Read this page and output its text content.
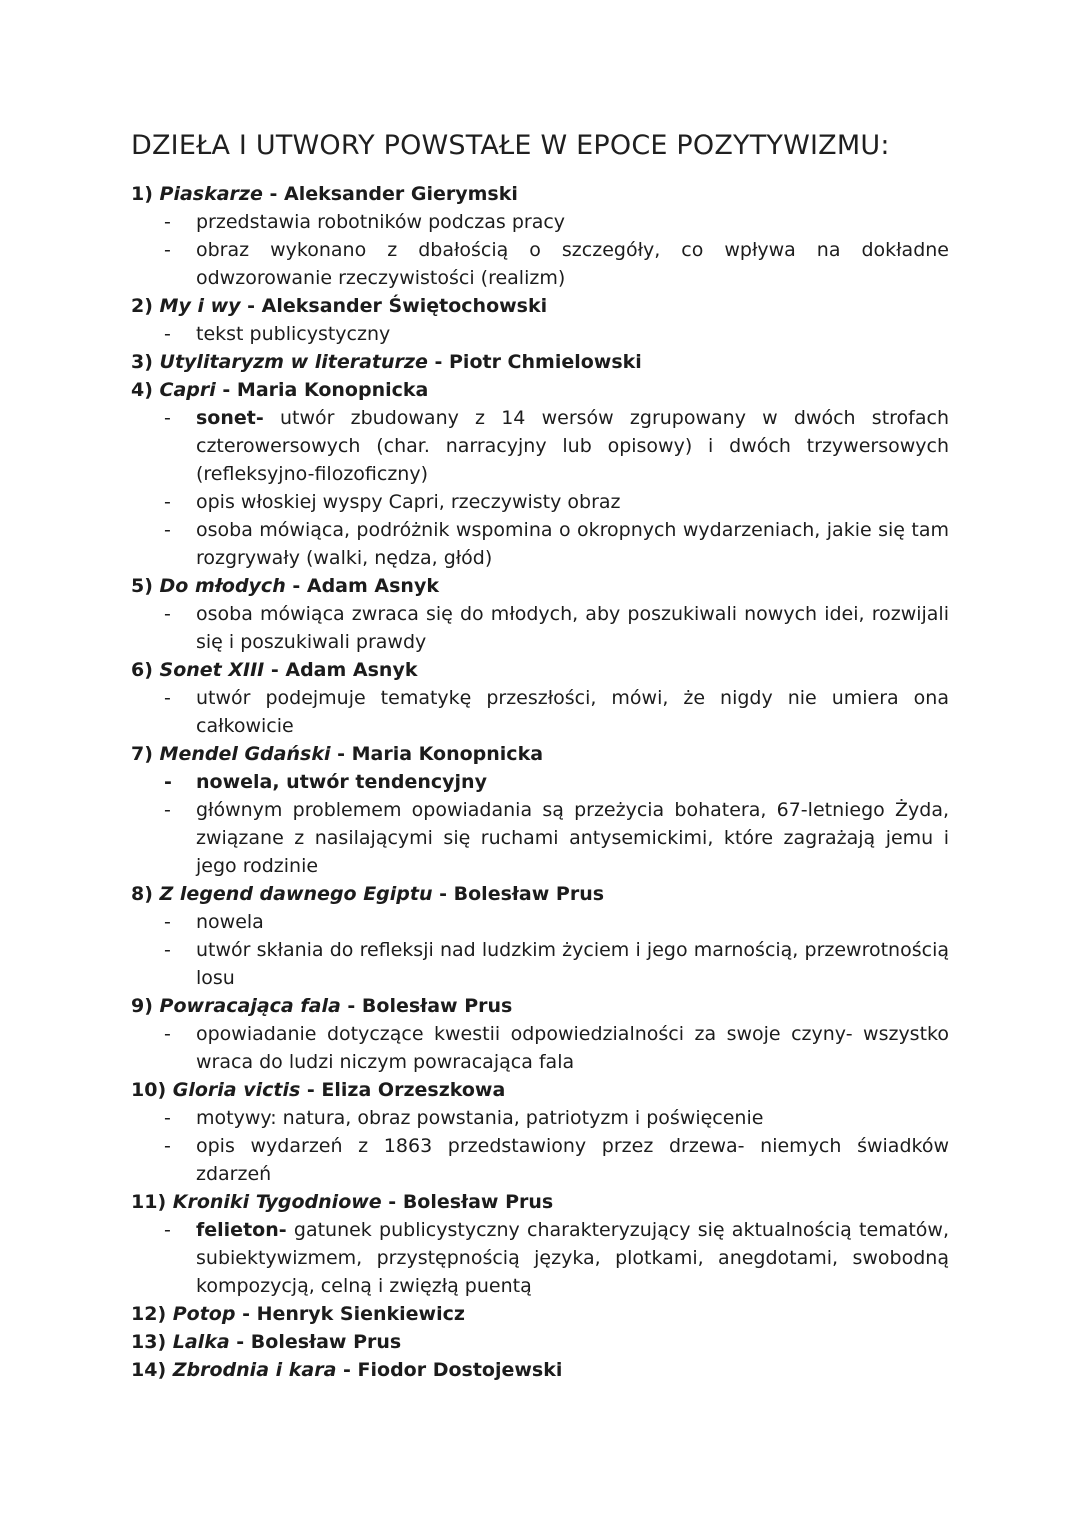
DZIEŁA I UTWORY POWSTAŁE W EPOCE POZYTYWIZMU:
1) Piaskarze - Aleksander Gierymski
- przedstawia robotników podczas pracy
- obraz wykonano z dbałością o szczegóły, co wpływa na dokładne odwzorowanie rzeczywistości (realizm)
2) My i wy - Aleksander Świętochowski
- tekst publicystyczny
3) Utylitaryzm w literaturze - Piotr Chmielowski
4) Capri - Maria Konopnicka
- sonet- utwór zbudowany z 14 wersów zgrupowany w dwóch strofach czterowersowych (char. narracyjny lub opisowy) i dwóch trzywersowych (refleksyjno-filozoficzny)
- opis włoskiej wyspy Capri, rzeczywisty obraz
- osoba mówiąca, podróżnik wspomina o okropnych wydarzeniach, jakie się tam rozgrywały (walki, nędza, głód)
5) Do młodych - Adam Asnyk
- osoba mówiąca zwraca się do młodych, aby poszukiwali nowych idei, rozwijali się i poszukiwali prawdy
6) Sonet XIII - Adam Asnyk
- utwór podejmuje tematykę przeszłości, mówi, że nigdy nie umiera ona całkowicie
7) Mendel Gdański - Maria Konopnicka
- nowela, utwór tendencyjny
- głównym problemem opowiadania są przeżycia bohatera, 67-letniego Żyda, związane z nasilającymi się ruchami antysemickimi, które zagrażają jemu i jego rodzinie
8) Z legend dawnego Egiptu - Bolesław Prus
- nowela
- utwór skłania do refleksji nad ludzkim życiem i jego marnością, przewrotnością losu
9) Powracająca fala - Bolesław Prus
- opowiadanie dotyczące kwestii odpowiedzialności za swoje czyny- wszystko wraca do ludzi niczym powracająca fala
10) Gloria victis - Eliza Orzeszkowa
- motywy: natura, obraz powstania, patriotyzm i poświęcenie
- opis wydarzeń z 1863 przedstawiony przez drzewa- niemych świadków zdarzeń
11) Kroniki Tygodniowe - Bolesław Prus
- felieton- gatunek publicystyczny charakteryzujący się aktualnością tematów, subiektywizmem, przystępnością języka, plotkami, anegdotami, swobodną kompozycją, celną i zwięzłą puentą
12) Potop - Henryk Sienkiewicz
13) Lalka - Bolesław Prus
14) Zbrodnia i kara - Fiodor Dostojewski
